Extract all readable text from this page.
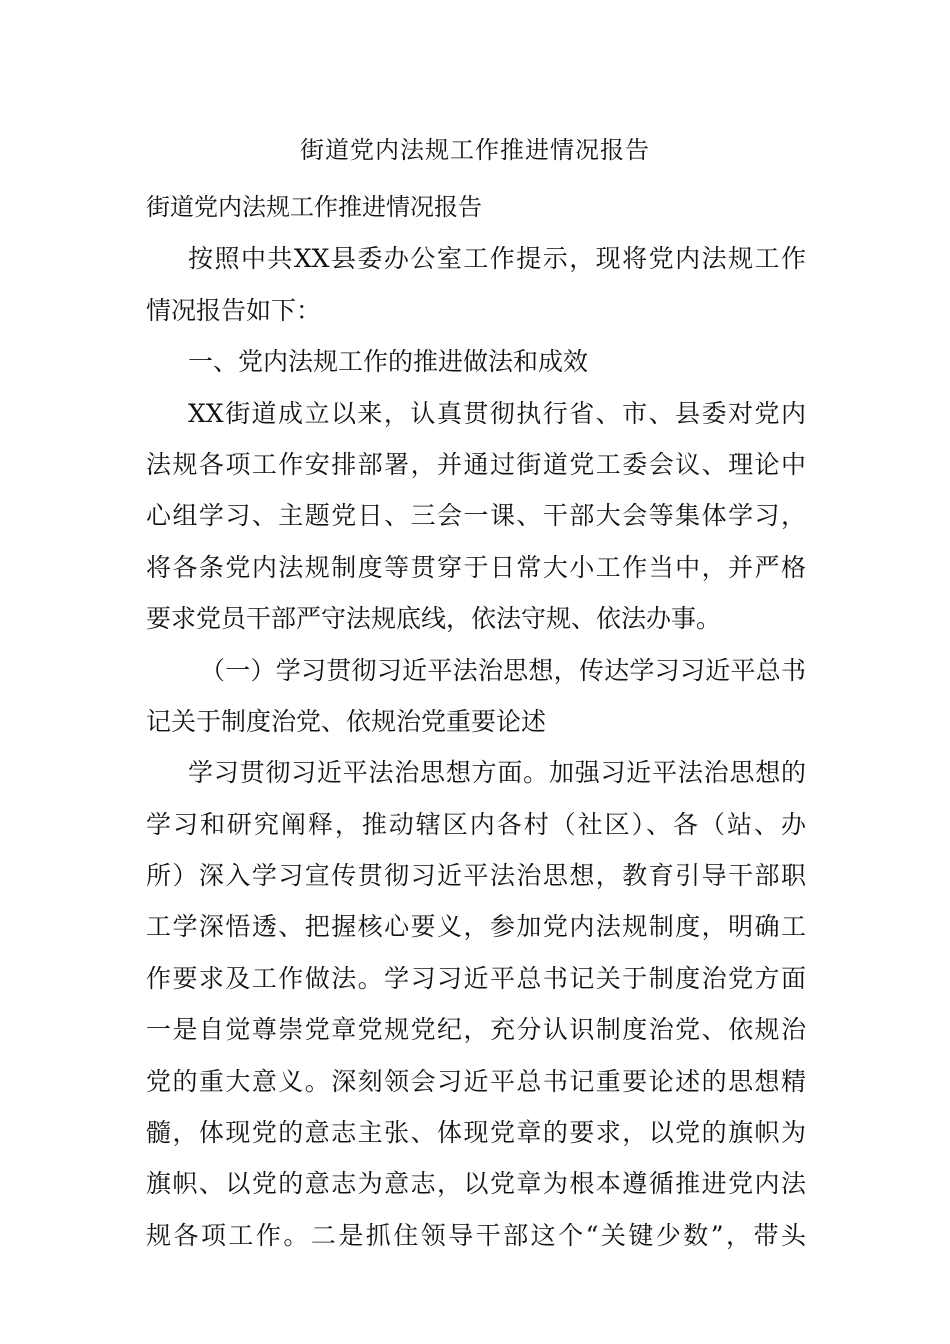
街道党内法规工作推进情况报告
街道党内法规工作推进情况报告
按照中共XX县委办公室工作提示，现将党内法规工作
情况报告如下：
一、党内法规工作的推进做法和成效
XX街道成立以来，认真贯彻执行省、市、县委对党内
法规各项工作安排部署，并通过街道党工委会议、理论中
心组学习、主题党日、三会一课、干部大会等集体学习，
将各条党内法规制度等贯穿于日常大小工作当中，并严格
要求党员干部严守法规底线，依法守规、依法办事。
（一）学习贯彻习近平法治思想，传达学习习近平总书
记关于制度治党、依规治党重要论述
学习贯彻习近平法治思想方面。加强习近平法治思想的
学习和研究阐释，推动辖区内各村（社区）、各（站、办
所）深入学习宣传贯彻习近平法治思想，教育引导干部职
工学深悟透、把握核心要义，参加党内法规制度，明确工
作要求及工作做法。学习习近平总书记关于制度治党方面
一是自觉尊崇党章党规党纪，充分认识制度治党、依规治
党的重大意义。深刻领会习近平总书记重要论述的思想精
髓，体现党的意志主张、体现党章的要求，以党的旗帜为
旗帜、以党的意志为意志，以党章为根本遵循推进党内法
规各项工作。二是抓住领导干部这个“关键少数”，带头
